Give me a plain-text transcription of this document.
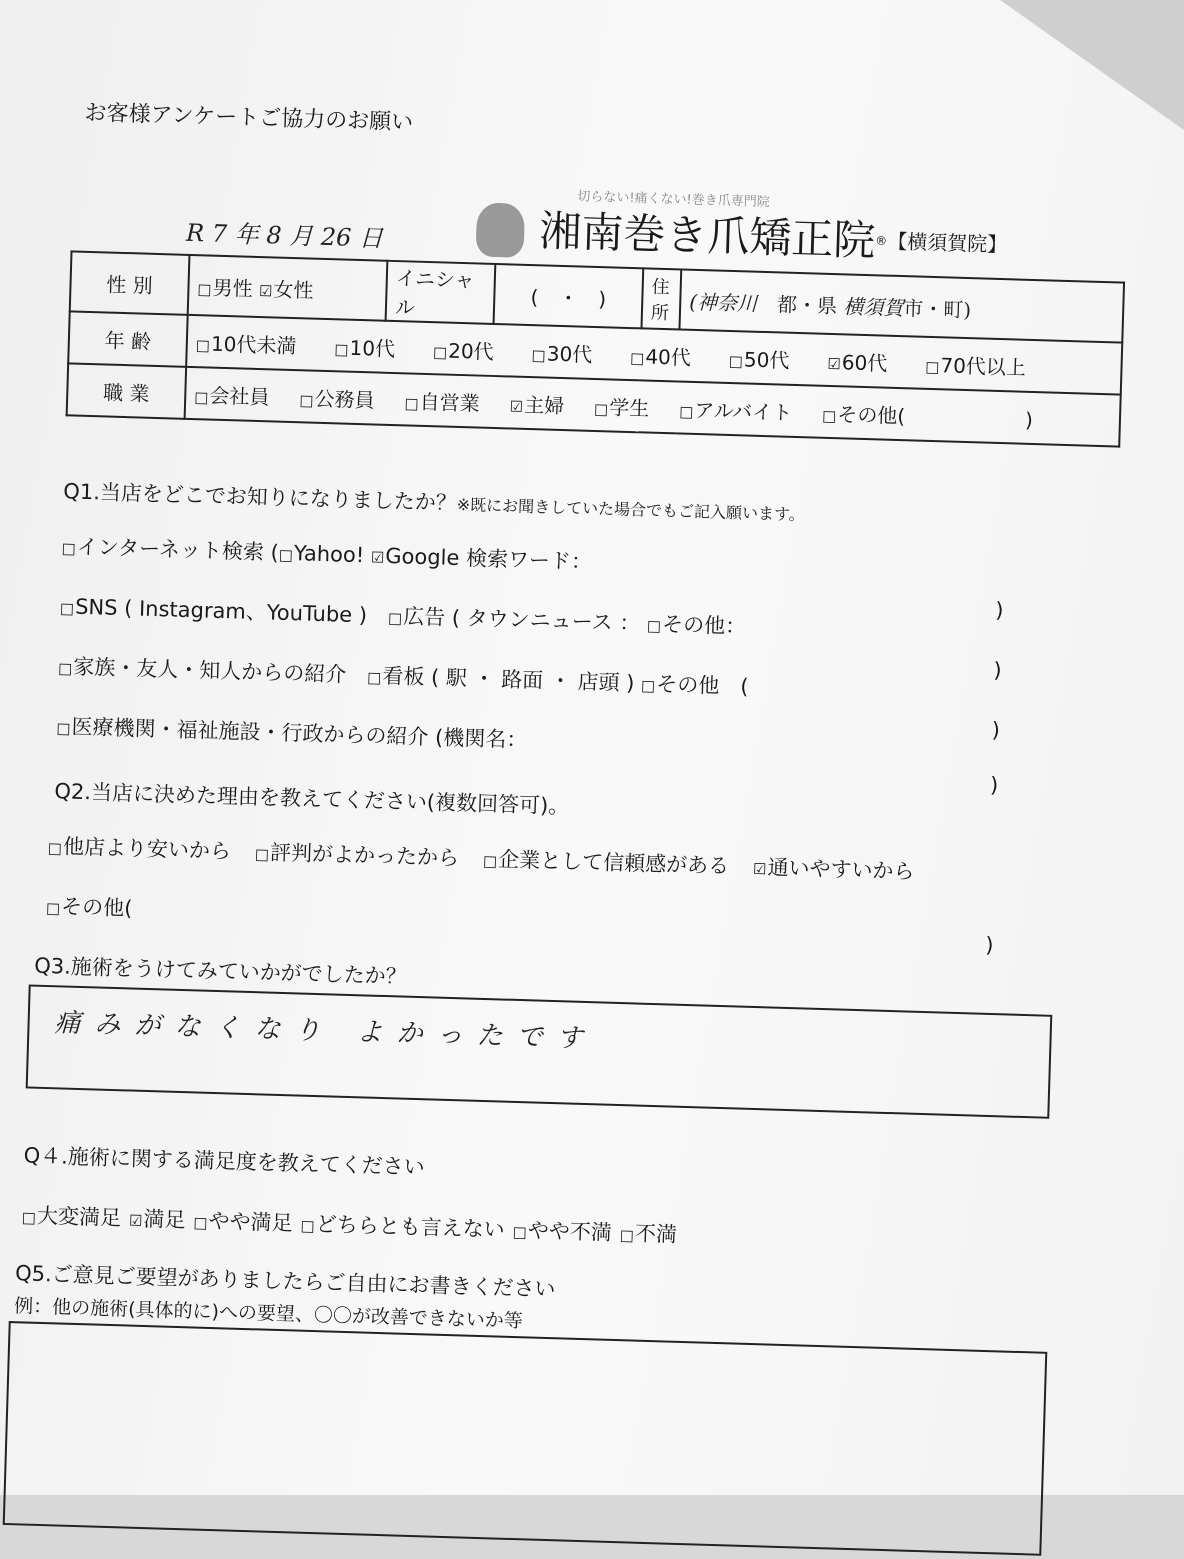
お客様アンケートご協力のお願い
切らない!痛くない!巻き爪専門院
湘南巻き爪矯正院®【横須賀院】
R 7 年 8 月 26 日
性 別	□ 男性 ☑ 女性	イニシャル	(　・　)	住所	(神奈川　 都・県 横須賀市・町)
年 齢	□ 10代未満 □ 10代 □ 20代 □ 30代 □ 40代 □ 50代 ☑ 60代 □ 70代以上
職 業	□ 会社員 □ 公務員 □ 自営業 ☑ 主婦 □ 学生 □ アルバイト □ その他(　　　　　　)
Q1.当店をどこでお知りになりましたか？※既にお聞きしていた場合でもご記入願います。
□ インターネット検索 ( □ Yahoo! ☑ Google 検索ワード：
)
□ SNS ( Instagram、YouTube )　 □ 広告 ( タウンニュース ： □ その他：
)
□ 家族・友人・知人からの紹介　 □ 看板 ( 駅 ・ 路面 ・ 店頭 ) □ その他　(
)
□ 医療機関・福祉施設・行政からの紹介 (機関名：
)
Q2.当店に決めた理由を教えてください(複数回答可)。
□ 他店より安いから □ 評判がよかったから □ 企業として信頼感がある ☑ 通いやすいから
□ その他(
)
Q3.施術をうけてみていかがでしたか？
痛みがなくなり よかったです
Q４.施術に関する満足度を教えてください
□ 大変満足 ☑ 満足 □ やや満足 □ どちらとも言えない □ やや不満 □ 不満
Q5.ご意見ご要望がありましたらご自由にお書きください
例：他の施術(具体的に)への要望、〇〇が改善できないか等
